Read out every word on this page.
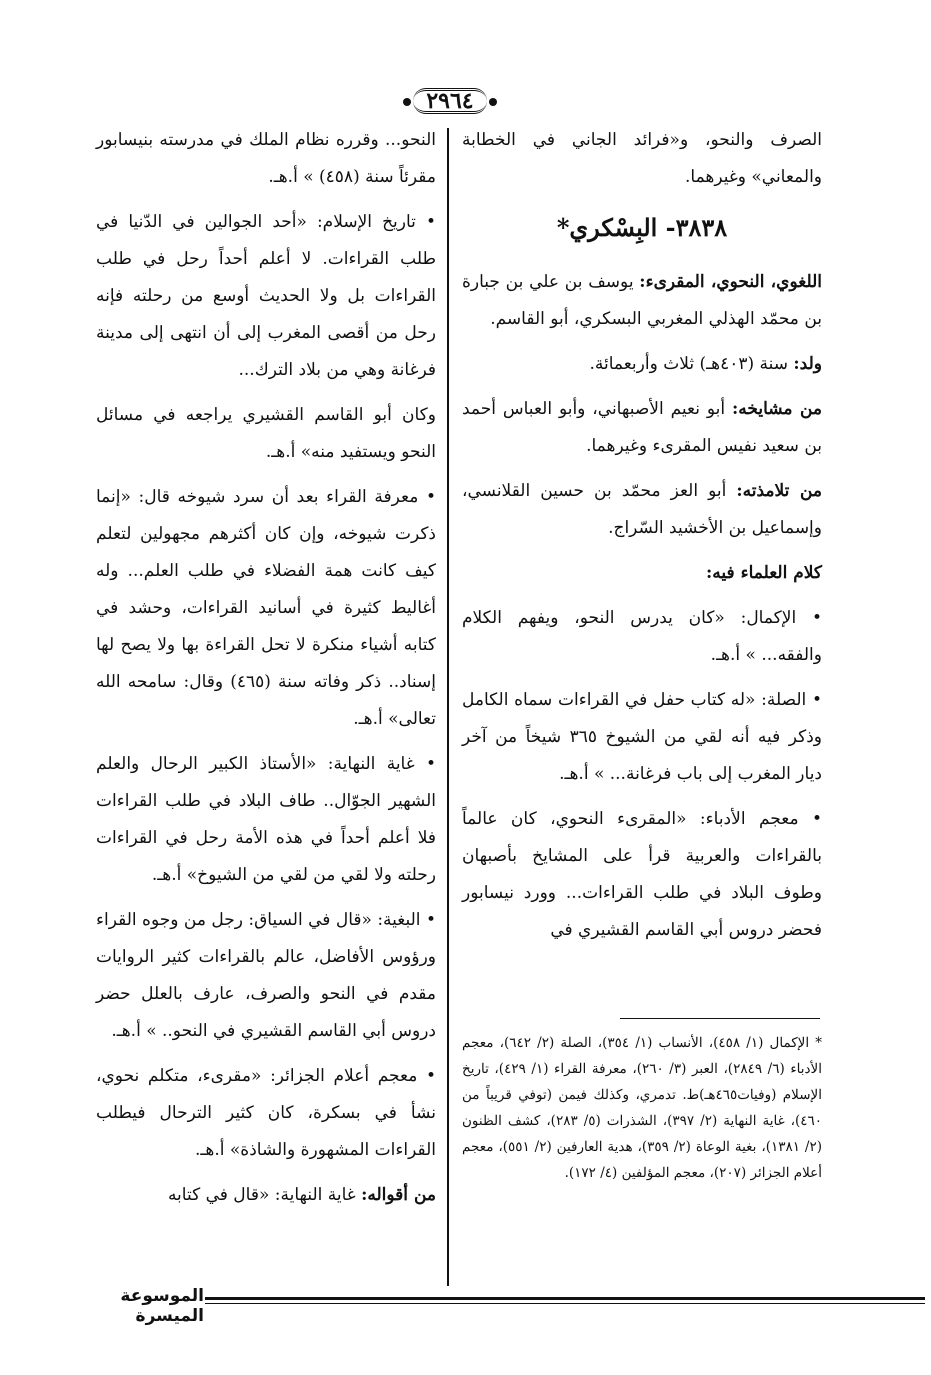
٢٩٦٤

الصرف والنحو، و«فرائد الجاني في الخطابة والمعاني» وغيرهما.

٣٨٣٨- البِسْكري*

اللغوي، النحوي، المقرىء: يوسف بن علي بن جبارة بن محمّد الهذلي المغربي البسكري، أبو القاسم.

ولد: سنة (٤٠٣هـ) ثلاث وأربعمائة.

من مشايخه: أبو نعيم الأصبهاني، وأبو العباس أحمد بن سعيد نفيس المقرىء وغيرهما.

من تلامذته: أبو العز محمّد بن حسين القلانسي، وإسماعيل بن الأخشيد السّراج.

كلام العلماء فيه:

• الإكمال: «كان يدرس النحو، ويفهم الكلام والفقه... » أ.هـ.

• الصلة: «له كتاب حفل في القراءات سماه الكامل وذكر فيه أنه لقي من الشيوخ ٣٦٥ شيخاً من آخر ديار المغرب إلى باب فرغانة... » أ.هـ.

• معجم الأدباء: «المقرىء النحوي، كان عالماً بالقراءات والعربية قرأ على المشايخ بأصبهان وطوف البلاد في طلب القراءات... وورد نيسابور فحضر دروس أبي القاسم القشيري في

النحو... وقرره نظام الملك في مدرسته بنيسابور مقرئاً سنة (٤٥٨) » أ.هـ.

• تاريخ الإسلام: «أحد الجوالين في الدّنيا في طلب القراءات. لا أعلم أحداً رحل في طلب القراءات بل ولا الحديث أوسع من رحلته فإنه رحل من أقصى المغرب إلى أن انتهى إلى مدينة فرغانة وهي من بلاد الترك...

وكان أبو القاسم القشيري يراجعه في مسائل النحو ويستفيد منه» أ.هـ.

• معرفة القراء بعد أن سرد شيوخه قال: «إنما ذكرت شيوخه، وإن كان أكثرهم مجهولين لتعلم كيف كانت همة الفضلاء في طلب العلم... وله أغاليط كثيرة في أسانيد القراءات، وحشد في كتابه أشياء منكرة لا تحل القراءة بها ولا يصح لها إسناد.. ذكر وفاته سنة (٤٦٥) وقال: سامحه الله تعالى» أ.هـ.

• غاية النهاية: «الأستاذ الكبير الرحال والعلم الشهير الجوّال.. طاف البلاد في طلب القراءات فلا أعلم أحداً في هذه الأمة رحل في القراءات رحلته ولا لقي من لقي من الشيوخ» أ.هـ.

• البغية: «قال في السياق: رجل من وجوه القراء ورؤوس الأفاضل، عالم بالقراءات كثير الروايات مقدم في النحو والصرف، عارف بالعلل حضر دروس أبي القاسم القشيري في النحو.. » أ.هـ.

• معجم أعلام الجزائر: «مقرىء، متكلم نحوي، نشأ في بسكرة، كان كثير الترحال فيطلب القراءات المشهورة والشاذة» أ.هـ.

من أقواله: غاية النهاية: «قال في كتابه

* الإكمال (١/ ٤٥٨)، الأنساب (١/ ٣٥٤)، الصلة (٢/ ٦٤٢)، معجم الأدباء (٦/ ٢٨٤٩)، العبر (٣/ ٢٦٠)، معرفة القراء (١/ ٤٢٩)، تاريخ الإسلام (وفيات٤٦٥هـ)ط. تدمري، وكذلك فيمن (توفي قريباً من ٤٦٠)، غاية النهاية (٢/ ٣٩٧)، الشذرات (٥/ ٢٨٣)، كشف الظنون (٢/ ١٣٨١)، بغية الوعاة (٢/ ٣٥٩)، هدية العارفين (٢/ ٥٥١)، معجم أعلام الجزائر (٢٠٧)، معجم المؤلفين (٤/ ١٧٢).
الموسوعة الميسرة
